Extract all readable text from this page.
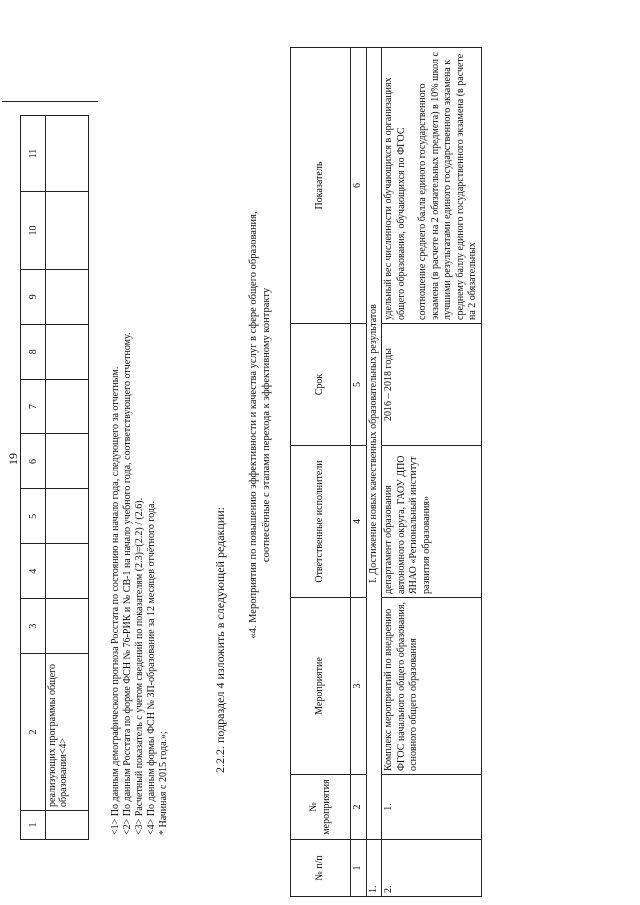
19
1	2	3	4	5	6	7	8	9	10	11
	реализующих программы общего образования<4>										<1> По данным демографического прогноза Росстата по состоянию на начало года, следующего за отчетным. <2> По данным Росстата по форме ФСН № 76-РИК и № СВ-1 на начало учебного года, соответствующего отчетному. <3> Расчетный показатель с учетом сведений по показателям (2.3)=(2.2) / (2.6). <4> По данным формы ФСН № ЗП-образование за 12 месяцев отчётного года. * Начиная с 2015 года.»;
2.2.2. подраздел 4 изложить в следующей редакции:
«4. Мероприятия по повышению эффективности и качества услуг в сфере общего образования, соотнесённые с этапами перехода к эффективному контракту
№ п/п	№ мероприятия	Мероприятие	Ответственные исполнители	Срок	Показатель
1	2	3	4	5	6
1.	I. Достижение новых качественных образовательных результатов				
2.	1.	Комплекс мероприятий по внедрению ФГОС начального общего образования, основного общего образования	департамент образования автономного округа, ГАОУ ДПО ЯНАО «Региональный институт развития образования»	2016 – 2018 годы	удельный вес численности обучающихся в организациях общего образования, обучающихся по ФГОС соотношение среднего балла единого государственного экзамена (в расчете на 2 обязательных предмета) в 10% школ с лучшими результатами единого государственного экзамена к среднему баллу единого государственного экзамена (в расчете на 2 обязательных
